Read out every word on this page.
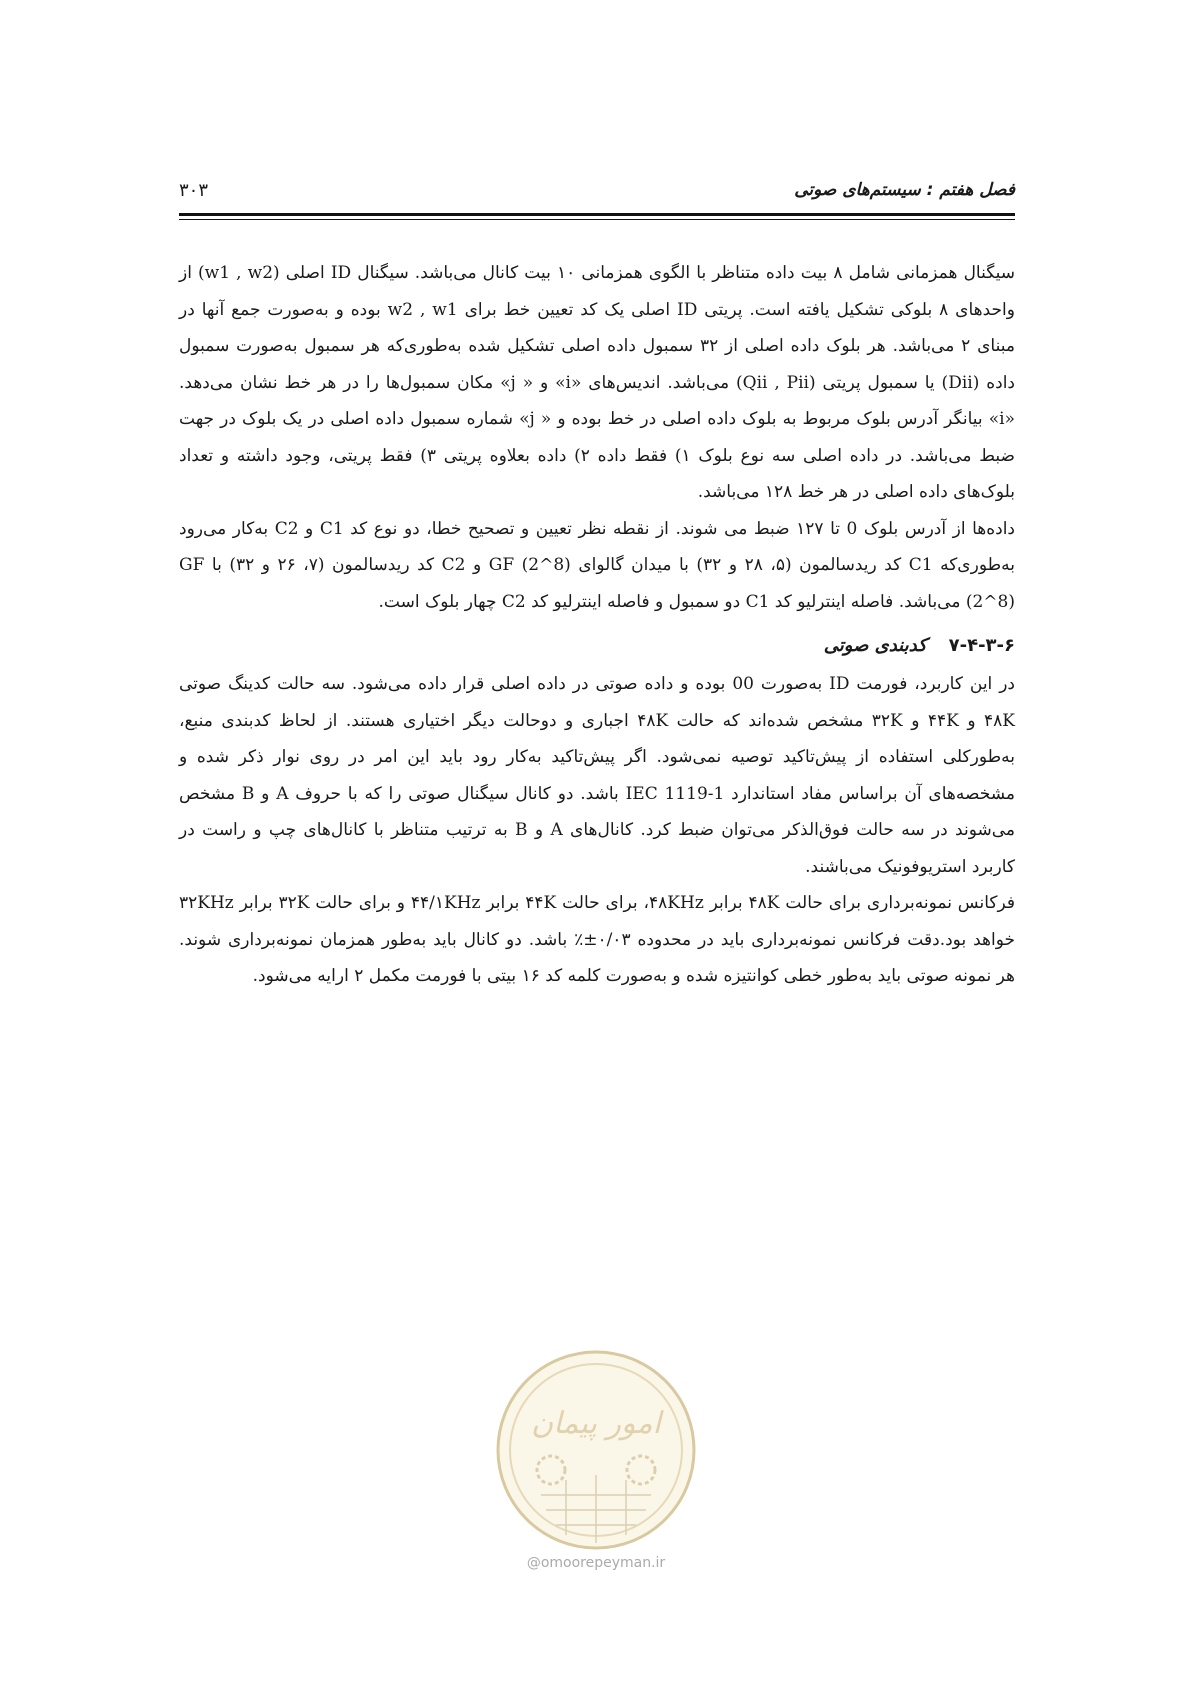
فصل هفتم : سیستم‌های صوتی
۳۰۳

سیگنال همزمانی شامل ۸ بیت داده متناظر با الگوی همزمانی ۱۰ بیت کانال می‌باشد. سیگنال ID اصلی (w1 , w2) از واحدهای ۸ بلوکی تشکیل یافته است. پریتی ID اصلی یک کد تعیین خط برای w2 , w1 بوده و به‌صورت جمع آنها در مبنای ۲ می‌باشد. هر بلوک داده اصلی از ۳۲ سمبول داده اصلی تشکیل شده به‌طوری‌که هر سمبول به‌صورت سمبول داده (Dii) یا سمبول پریتی (Qii , Pii) می‌باشد. اندیس‌های «i» و « j» مکان سمبول‌ها را در هر خط نشان می‌دهد. «i» بیانگر آدرس بلوک مربوط به بلوک داده اصلی در خط بوده و « j» شماره سمبول داده اصلی در یک بلوک در جهت ضبط می‌باشد. در داده اصلی سه نوع بلوک ۱) فقط داده ۲) داده بعلاوه پریتی ۳) فقط پریتی، وجود داشته و تعداد بلوک‌های داده اصلی در هر خط ۱۲۸ می‌باشد.

داده‌ها از آدرس بلوک 0 تا ۱۲۷ ضبط می شوند. از نقطه نظر تعیین و تصحیح خطا، دو نوع کد C1 و C2 به‌کار می‌رود به‌طوری‌که C1 کد ریدسالمون (۵، ۲۸ و ۳۲) با میدان گالوای GF (2^8) و C2 کد ریدسالمون (۷، ۲۶ و ۳۲) با GF (2^8) می‌باشد. فاصله اینترلیو کد C1 دو سمبول و فاصله اینترلیو کد C2 چهار بلوک است.

۷-۴-۳-۶کدبندی صوتی

در این کاربرد، فورمت ID به‌صورت 00 بوده و داده صوتی در داده اصلی قرار داده می‌شود. سه حالت کدینگ صوتی ۴۸K و ۴۴K و ۳۲K مشخص شده‌اند که حالت ۴۸K اجباری و دوحالت دیگر اختیاری هستند. از لحاظ کدبندی منبع، به‌طورکلی استفاده از پیش‌تاکید توصیه نمی‌شود. اگر پیش‌تاکید به‌کار رود باید این امر در روی نوار ذکر شده و مشخصه‌های آن براساس مفاد استاندارد IEC 1119-1 باشد. دو کانال سیگنال صوتی را که با حروف A و B مشخص می‌شوند در سه حالت فوق‌الذکر می‌توان ضبط کرد. کانال‌های A و B به ترتیب متناظر با کانال‌های چپ و راست در کاربرد استریوفونیک می‌باشند.

فرکانس نمونه‌برداری برای حالت ۴۸K برابر ۴۸KHz، برای حالت ۴۴K برابر ۴۴/۱KHz و برای حالت ۳۲K برابر ۳۲KHz خواهد بود.دقت فرکانس نمونه‌برداری باید در محدوده ۰/۰۳±٪ باشد. دو کانال باید به‌طور همزمان نمونه‌برداری شوند. هر نمونه صوتی باید به‌طور خطی کوانتیزه شده و به‌صورت کلمه کد ۱۶ بیتی با فورمت مکمل ۲ ارایه می‌شود.

امور پیمان
@omoorepeyman.ir
